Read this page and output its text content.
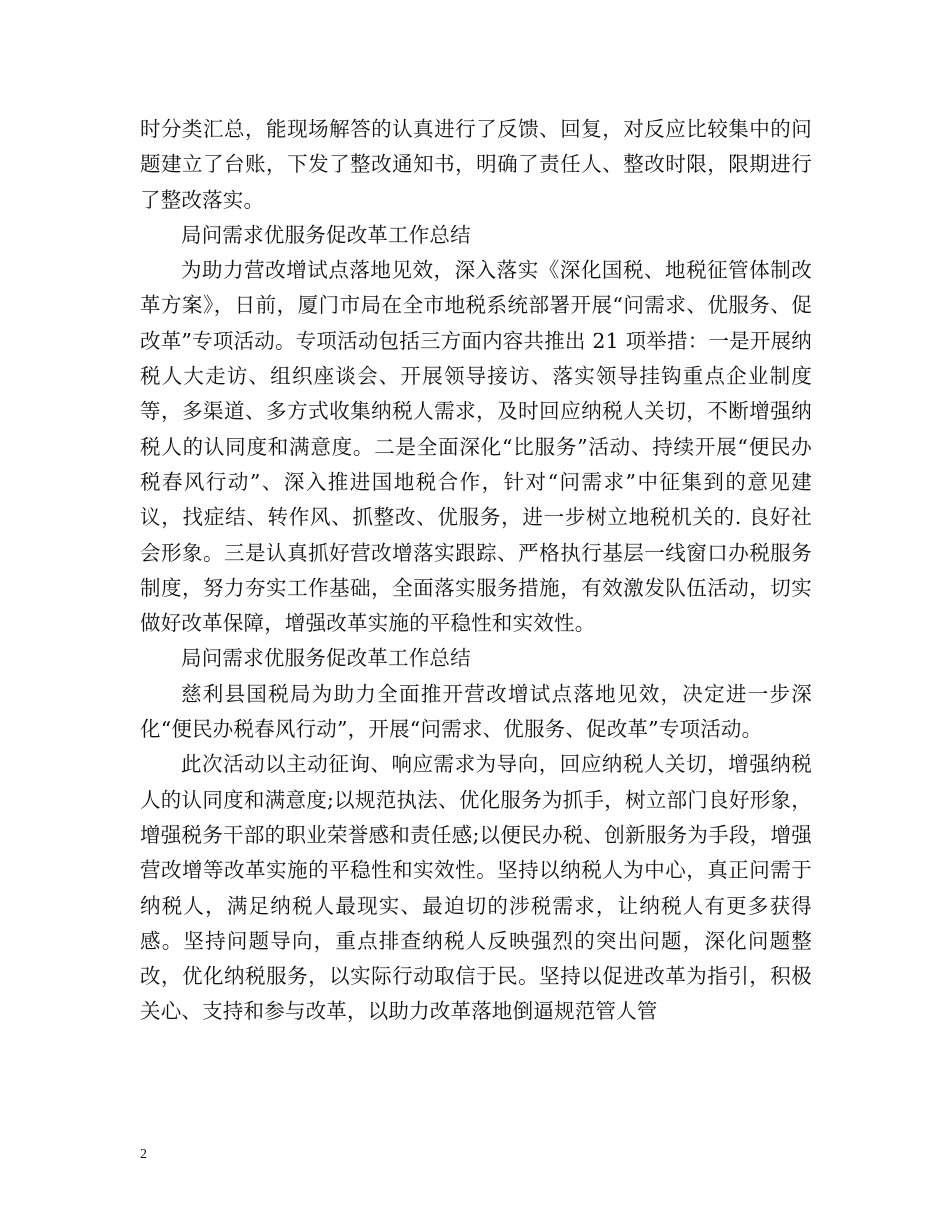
时分类汇总，能现场解答的认真进行了反馈、回复，对反应比较集中的问题建立了台账，下发了整改通知书，明确了责任人、整改时限，限期进行了整改落实。

局问需求优服务促改革工作总结

为助力营改增试点落地见效，深入落实《深化国税、地税征管体制改革方案》，日前，厦门市局在全市地税系统部署开展“问需求、优服务、促改革”专项活动。专项活动包括三方面内容共推出 21 项举措：一是开展纳税人大走访、组织座谈会、开展领导接访、落实领导挂钩重点企业制度等，多渠道、多方式收集纳税人需求，及时回应纳税人关切，不断增强纳税人的认同度和满意度。二是全面深化“比服务”活动、持续开展“便民办税春风行动”、深入推进国地税合作，针对“问需求”中征集到的意见建议，找症结、转作风、抓整改、优服务，进一步树立地税机关的. 良好社会形象。三是认真抓好营改增落实跟踪、严格执行基层一线窗口办税服务制度，努力夯实工作基础，全面落实服务措施，有效激发队伍活动，切实做好改革保障，增强改革实施的平稳性和实效性。

局问需求优服务促改革工作总结

慈利县国税局为助力全面推开营改增试点落地见效，决定进一步深化“便民办税春风行动”，开展“问需求、优服务、促改革”专项活动。

此次活动以主动征询、响应需求为导向，回应纳税人关切，增强纳税人的认同度和满意度;以规范执法、优化服务为抓手，树立部门良好形象，增强税务干部的职业荣誉感和责任感;以便民办税、创新服务为手段，增强营改增等改革实施的平稳性和实效性。坚持以纳税人为中心，真正问需于纳税人，满足纳税人最现实、最迫切的涉税需求，让纳税人有更多获得感。坚持问题导向，重点排查纳税人反映强烈的突出问题，深化问题整改，优化纳税服务，以实际行动取信于民。坚持以促进改革为指引，积极关心、支持和参与改革，以助力改革落地倒逼规范管人管

2
